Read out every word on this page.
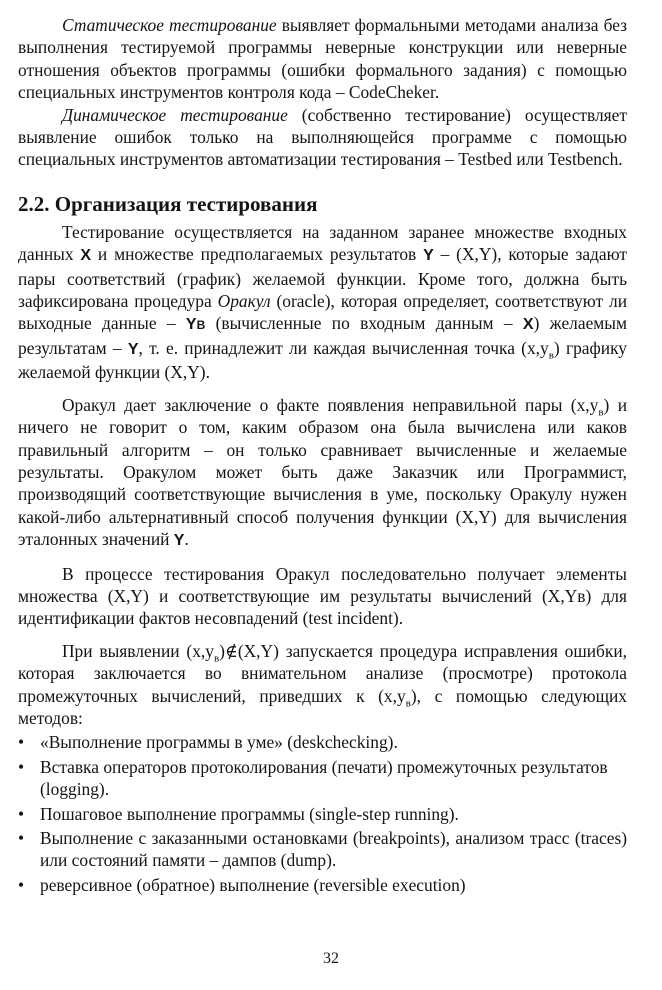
Статическое тестирование выявляет формальными методами анализа без выполнения тестируемой программы неверные конструкции или неверные отношения объектов программы (ошибки формального задания) с помощью специальных инструментов контроля кода – CodeCheker.

Динамическое тестирование (собственно тестирование) осуществляет выявление ошибок только на выполняющейся программе с помощью специальных инструментов автоматизации тестирования – Testbed или Testbench.

2.2. Организация тестирования

Тестирование осуществляется на заданном заранее множестве входных данных X и множестве предполагаемых результатов Y – (X,Y), которые задают пары соответствий (график) желаемой функции. Кроме того, должна быть зафиксирована процедура Оракул (oracle), которая определяет, соответствуют ли выходные данные – YВ (вычисленные по входным данным – X) желаемым результатам – Y, т. е. принадлежит ли каждая вычисленная точка $(x,y_в)$ графику желаемой функции (X,Y).

Оракул дает заключение о факте появления неправильной пары $(x,y_в)$ и ничего не говорит о том, каким образом она была вычислена или каков правильный алгоритм – он только сравнивает вычисленные и желаемые результаты. Оракулом может быть даже Заказчик или Программист, производящий соответствующие вычисления в уме, поскольку Оракулу нужен какой-либо альтернативный способ получения функции (X,Y) для вычисления эталонных значений Y.

В процессе тестирования Оракул последовательно получает элементы множества (X,Y) и соответствующие им результаты вычислений (X,Yв) для идентификации фактов несовпадений (test incident).

При выявлении $(x,y_в)\notin(X,Y)$ запускается процедура исправления ошибки, которая заключается во внимательном анализе (просмотре) протокола промежуточных вычислений, приведших к $(x,y_в)$, с помощью следующих методов:

• «Выполнение программы в уме» (deskchecking).
• Вставка операторов протоколирования (печати) промежуточных результатов (logging).
• Пошаговое выполнение программы (single-step running).
• Выполнение с заказанными остановками (breakpoints), анализом трасс (traces) или состояний памяти – дампов (dump).
• реверсивное (обратное) выполнение (reversible execution)
32
